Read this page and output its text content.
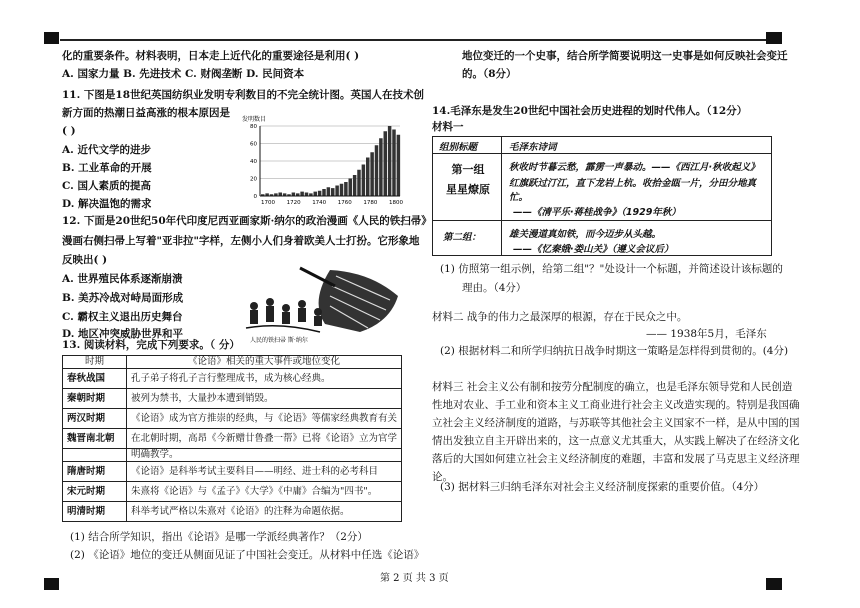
化的重要条件。材料表明，日本走上近代化的重要途径是利用( )
A. 国家力量 B. 先进技术 C. 财阀垄断 D. 民间资本
11. 下图是18世纪英国纺织业发明专利数目的不完全统计图。英国人在技术创
新方面的热潮日益高涨的根本原因是
( )
A. 近代文学的进步
B. 工业革命的开展
C. 国人素质的提高
D. 解决温饱的需求
发明数目
80
60
40
20
0
1700 1720 1740 1760 1780 1800
12. 下面是20世纪50年代印度尼西亚画家斯·纳尔的政治漫画《人民的铁扫帚》
漫画右侧扫帚上写着"亚非拉"字样，左侧小人们身着欧美人士打扮。它形象地
反映出( )
A. 世界殖民体系逐渐崩溃
B. 美苏冷战对峙局面形成
C. 霸权主义退出历史舞台
D. 地区冲突威胁世界和平
人民的铁扫帚 斯·纳尔
13. 阅读材料，完成下列要求。（ 分）
时期	《论语》相关的重大事件或地位变化
春秋战国	孔子弟子将孔子言行整理成书，成为核心经典。
秦朝时期	被列为禁书，大量抄本遭到销毁。
两汉时期	《论语》成为官方推崇的经典，与《论语》等儒家经典教育有关
魏晋南北朝	在北朝时期，高昂《今新赠廿鲁叠一帮》已将《论语》立为官学
	明确教学。
隋唐时期	《论语》是科举考试主要科目——明经、进士科的必考科目
宋元时期	朱熹将《论语》与《孟子》《大学》《中庸》合编为"四书"。
明清时期	科举考试严格以朱熹对《论语》的注释为命题依据。
(1) 结合所学知识，指出《论语》是哪一学派经典著作？（2分）
(2) 《论语》地位的变迁从侧面见证了中国社会变迁。从材料中任选《论语》
地位变迁的一个史事，结合所学简要说明这一史事是如何反映社会变迁
的。（8分）
14.毛泽东是发生20世纪中国社会历史进程的划时代伟人。（12分）
材料一
组别标题	毛泽东诗词
第一组
星星燎原
秋收时节暮云愁，霹雳一声暴动。——《西江月·秋收起义》
红旗跃过汀江，直下龙岩上杭。收拾金瓯一片，分田分地真
忙。
——《清平乐·蒋桂战争》（1929年秋）
第二组：	雄关漫道真如铁，而今迈步从头越。
——《忆秦娥·娄山关》（遵义会议后）
(1) 仿照第一组示例，给第二组"？"处设计一个标题，并简述设计该标题的
理由。（4分）
材料二 战争的伟力之最深厚的根源，存在于民众之中。
—— 1938年5月，毛泽东
(2) 根据材料二和所学归纳抗日战争时期这一策略是怎样得到贯彻的。(4分)
材料三 社会主义公有制和按劳分配制度的确立，也是毛泽东领导党和人民创造
性地对农业、手工业和资本主义工商业进行社会主义改造实现的。特别是我国确
立社会主义经济制度的道路，与苏联等其他社会主义国家不一样，是从中国的国
情出发独立自主开辟出来的，这一点意义尤其重大，从实践上解决了在经济文化
落后的大国如何建立社会主义经济制度的难题，丰富和发展了马克思主义经济理
论。
(3) 据材料三归纳毛泽东对社会主义经济制度探索的重要价值。（4分）
第 2 页 共 3 页
